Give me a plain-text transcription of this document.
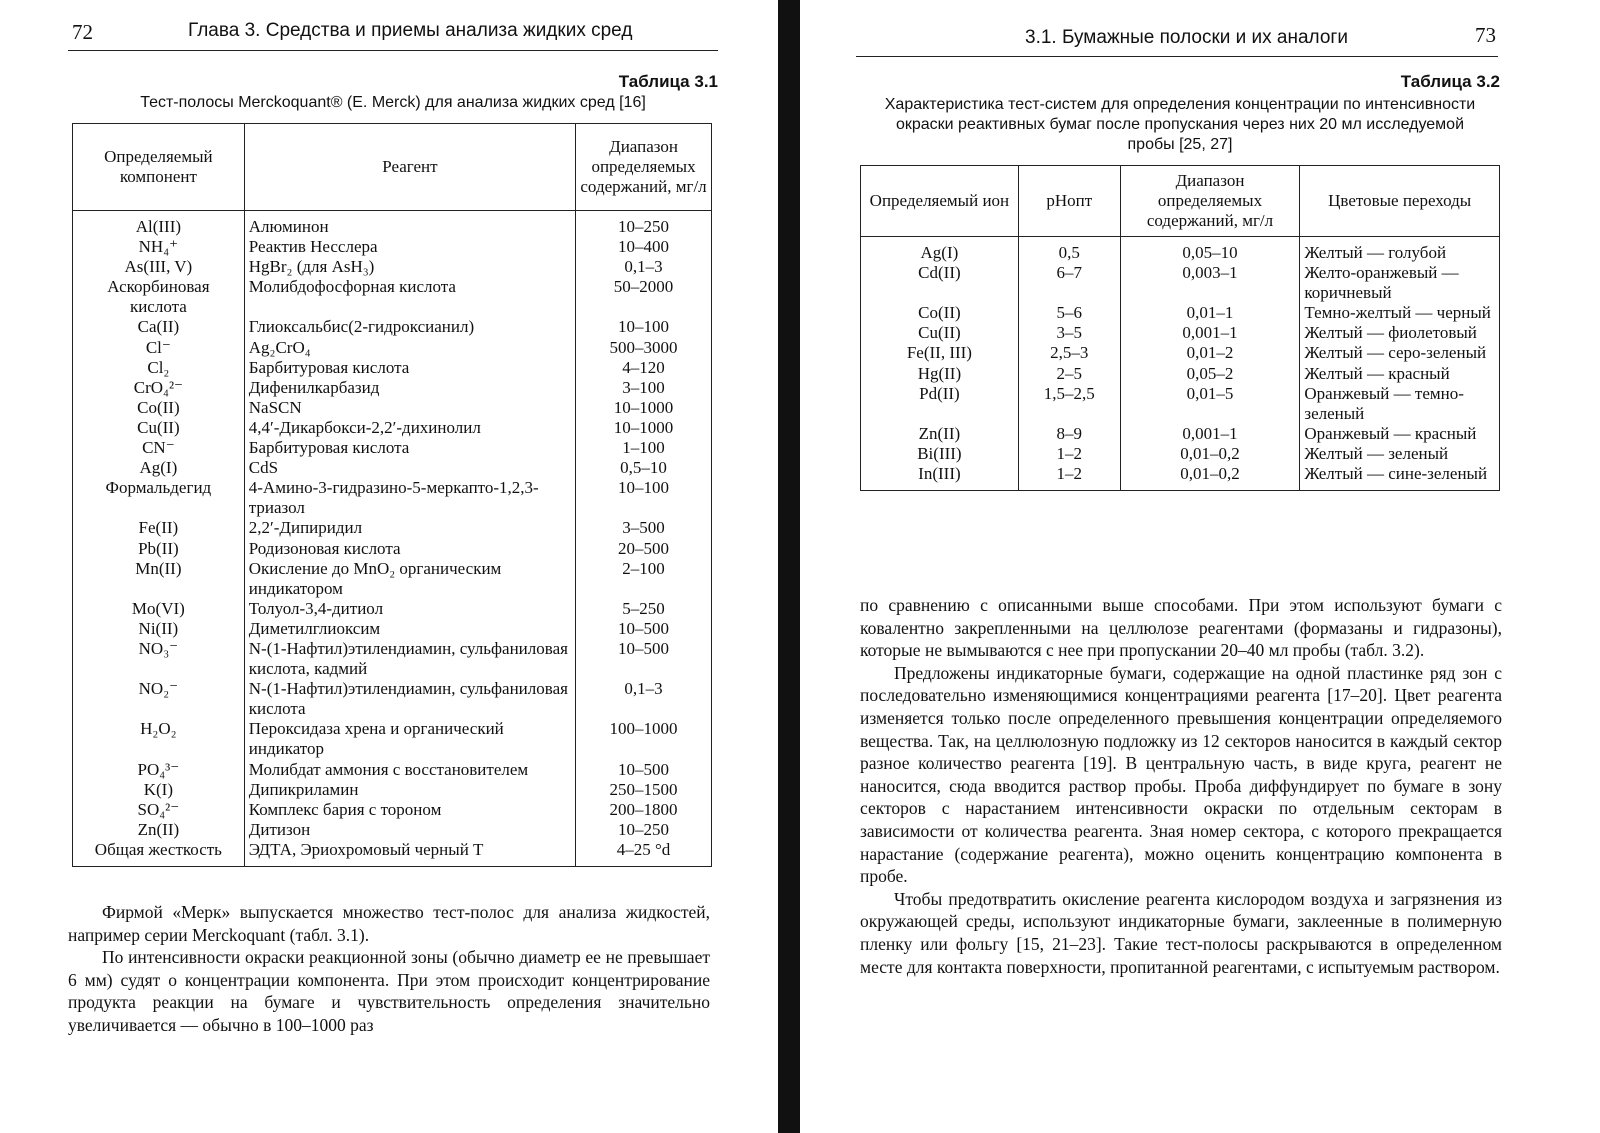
72	Глава 3. Средства и приемы анализа жидких сред
Таблица 3.1
Тест-полосы Merckoquant® (E. Merck) для анализа жидких сред [16]
Определяемый компонент	Реагент	Диапазон определяемых содержаний, мг/л
Al(III)	Алюминон	10–250
NH₄⁺	Реактив Несслера	10–400
As(III, V)	HgBr₂ (для AsH₃)	0,1–3
Аскорбиновая кислота	Молибдофосфорная кислота	50–2000
Ca(II)	Глиоксальбис(2-гидроксианил)	10–100
Cl⁻	Ag₂CrO₄	500–3000
Cl₂	Барбитуровая кислота	4–120
CrO₄²⁻	Дифенилкарбазид	3–100
Co(II)	NaSCN	10–1000
Cu(II)	4,4′-Дикарбокси-2,2′-дихинолил	10–1000
CN⁻	Барбитуровая кислота	1–100
Ag(I)	CdS	0,5–10
Формальдегид	4-Амино-3-гидразино-5-меркапто-1,2,3-триазол	10–100
Fe(II)	2,2′-Дипиридил	3–500
Pb(II)	Родизоновая кислота	20–500
Mn(II)	Окисление до MnO₂ органическим индикатором	2–100
Mo(VI)	Толуол-3,4-дитиол	5–250
Ni(II)	Диметилглиоксим	10–500
NO₃⁻	N-(1-Нафтил)этилендиамин, сульфаниловая кислота, кадмий	10–500
NO₂⁻	N-(1-Нафтил)этилендиамин, сульфаниловая кислота	0,1–3
H₂O₂	Пероксидаза хрена и органический индикатор	100–1000
PO₄³⁻	Молибдат аммония с восстановителем	10–500
K(I)	Дипикриламин	250–1500
SO₄²⁻	Комплекс бария с тороном	200–1800
Zn(II)	Дитизон	10–250
Общая жесткость	ЭДТА, Эриохромовый черный Т	4–25 °d

Фирмой «Мерк» выпускается множество тест-полос для анализа жидкостей, например серии Merckoquant (табл. 3.1).

По интенсивности окраски реакционной зоны (обычно диаметр ее не превышает 6 мм) судят о концентрации компонента. При этом происходит концентрирование продукта реакции на бумаге и чувствительность определения значительно увеличивается — обычно в 100–1000 раз

3.1. Бумажные полоски и их аналоги	73
Таблица 3.2
Характеристика тест-систем для определения концентрации по интенсивности окраски реактивных бумаг после пропускания через них 20 мл исследуемой пробы [25, 27]
Определяемый ион	pHопт	Диапазон определяемых содержаний, мг/л	Цветовые переходы
Ag(I)	0,5	0,05–10	Желтый — голубой
Cd(II)	6–7	0,003–1	Желто-оранжевый — коричневый
Co(II)	5–6	0,01–1	Темно-желтый — черный
Cu(II)	3–5	0,001–1	Желтый — фиолетовый
Fe(II, III)	2,5–3	0,01–2	Желтый — серо-зеленый
Hg(II)	2–5	0,05–2	Желтый — красный
Pd(II)	1,5–2,5	0,01–5	Оранжевый — темно-зеленый
Zn(II)	8–9	0,001–1	Оранжевый — красный
Bi(III)	1–2	0,01–0,2	Желтый — зеленый
In(III)	1–2	0,01–0,2	Желтый — сине-зеленый

по сравнению с описанными выше способами. При этом используют бумаги с ковалентно закрепленными на целлюлозе реагентами (формазаны и гидразоны), которые не вымываются с нее при пропускании 20–40 мл пробы (табл. 3.2).

Предложены индикаторные бумаги, содержащие на одной пластинке ряд зон с последовательно изменяющимися концентрациями реагента [17–20]. Цвет реагента изменяется только после определенного превышения концентрации определяемого вещества. Так, на целлюлозную подложку из 12 секторов наносится в каждый сектор разное количество реагента [19]. В центральную часть, в виде круга, реагент не наносится, сюда вводится раствор пробы. Проба диффундирует по бумаге в зону секторов с нарастанием интенсивности окраски по отдельным секторам в зависимости от количества реагента. Зная номер сектора, с которого прекращается нарастание (содержание реагента), можно оценить концентрацию компонента в пробе.

Чтобы предотвратить окисление реагента кислородом воздуха и загрязнения из окружающей среды, используют индикаторные бумаги, заклеенные в полимерную пленку или фольгу [15, 21–23]. Такие тест-полосы раскрываются в определенном месте для контакта поверхности, пропитанной реагентами, с испытуемым раствором.
